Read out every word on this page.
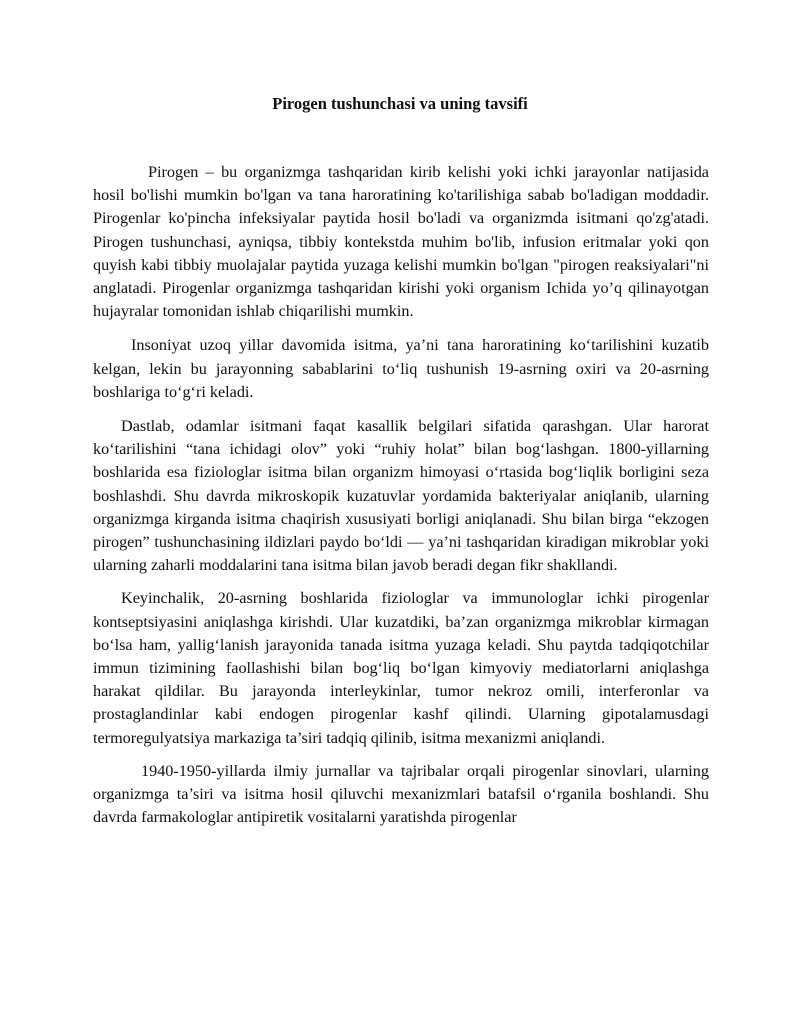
Pirogen tushunchasi va uning tavsifi

Pirogen – bu organizmga tashqaridan kirib kelishi yoki ichki jarayonlar natijasida hosil bo'lishi mumkin bo'lgan va tana haroratining ko'tarilishiga sabab bo'ladigan moddadir. Pirogenlar ko'pincha infeksiyalar paytida hosil bo'ladi va organizmda isitmani qo'zg'atadi. Pirogen tushunchasi, ayniqsa, tibbiy kontekstda muhim bo'lib, infusion eritmalar yoki qon quyish kabi tibbiy muolajalar paytida yuzaga kelishi mumkin bo'lgan "pirogen reaksiyalari"ni anglatadi. Pirogenlar organizmga tashqaridan kirishi yoki organism Ichida yo’q qilinayotgan hujayralar tomonidan ishlab chiqarilishi mumkin.

Insoniyat uzoq yillar davomida isitma, ya’ni tana haroratining ko‘tarilishini kuzatib kelgan, lekin bu jarayonning sabablarini to‘liq tushunish 19-asrning oxiri va 20-asrning boshlariga to‘g‘ri keladi.

Dastlab, odamlar isitmani faqat kasallik belgilari sifatida qarashgan. Ular harorat ko‘tarilishini “tana ichidagi olov” yoki “ruhiy holat” bilan bog‘lashgan. 1800-yillarning boshlarida esa fiziologlar isitma bilan organizm himoyasi o‘rtasida bog‘liqlik borligini seza boshlashdi. Shu davrda mikroskopik kuzatuvlar yordamida bakteriyalar aniqlanib, ularning organizmga kirganda isitma chaqirish xususiyati borligi aniqlanadi. Shu bilan birga “ekzogen pirogen” tushunchasining ildizlari paydo bo‘ldi — ya’ni tashqaridan kiradigan mikroblar yoki ularning zaharli moddalarini tana isitma bilan javob beradi degan fikr shakllandi.

Keyinchalik, 20-asrning boshlarida fiziologlar va immunologlar ichki pirogenlar kontseptsiyasini aniqlashga kirishdi. Ular kuzatdiki, ba’zan organizmga mikroblar kirmagan bo‘lsa ham, yallig‘lanish jarayonida tanada isitma yuzaga keladi. Shu paytda tadqiqotchilar immun tizimining faollashishi bilan bog‘liq bo‘lgan kimyoviy mediatorlarni aniqlashga harakat qildilar. Bu jarayonda interleykinlar, tumor nekroz omili, interferonlar va prostaglandinlar kabi endogen pirogenlar kashf qilindi. Ularning gipotalamusdagi termoregulyatsiya markaziga ta’siri tadqiq qilinib, isitma mexanizmi aniqlandi.

1940-1950-yillarda ilmiy jurnallar va tajribalar orqali pirogenlar sinovlari, ularning organizmga ta’siri va isitma hosil qiluvchi mexanizmlari batafsil o‘rganila boshlandi. Shu davrda farmakologlar antipiretik vositalarni yaratishda pirogenlar
